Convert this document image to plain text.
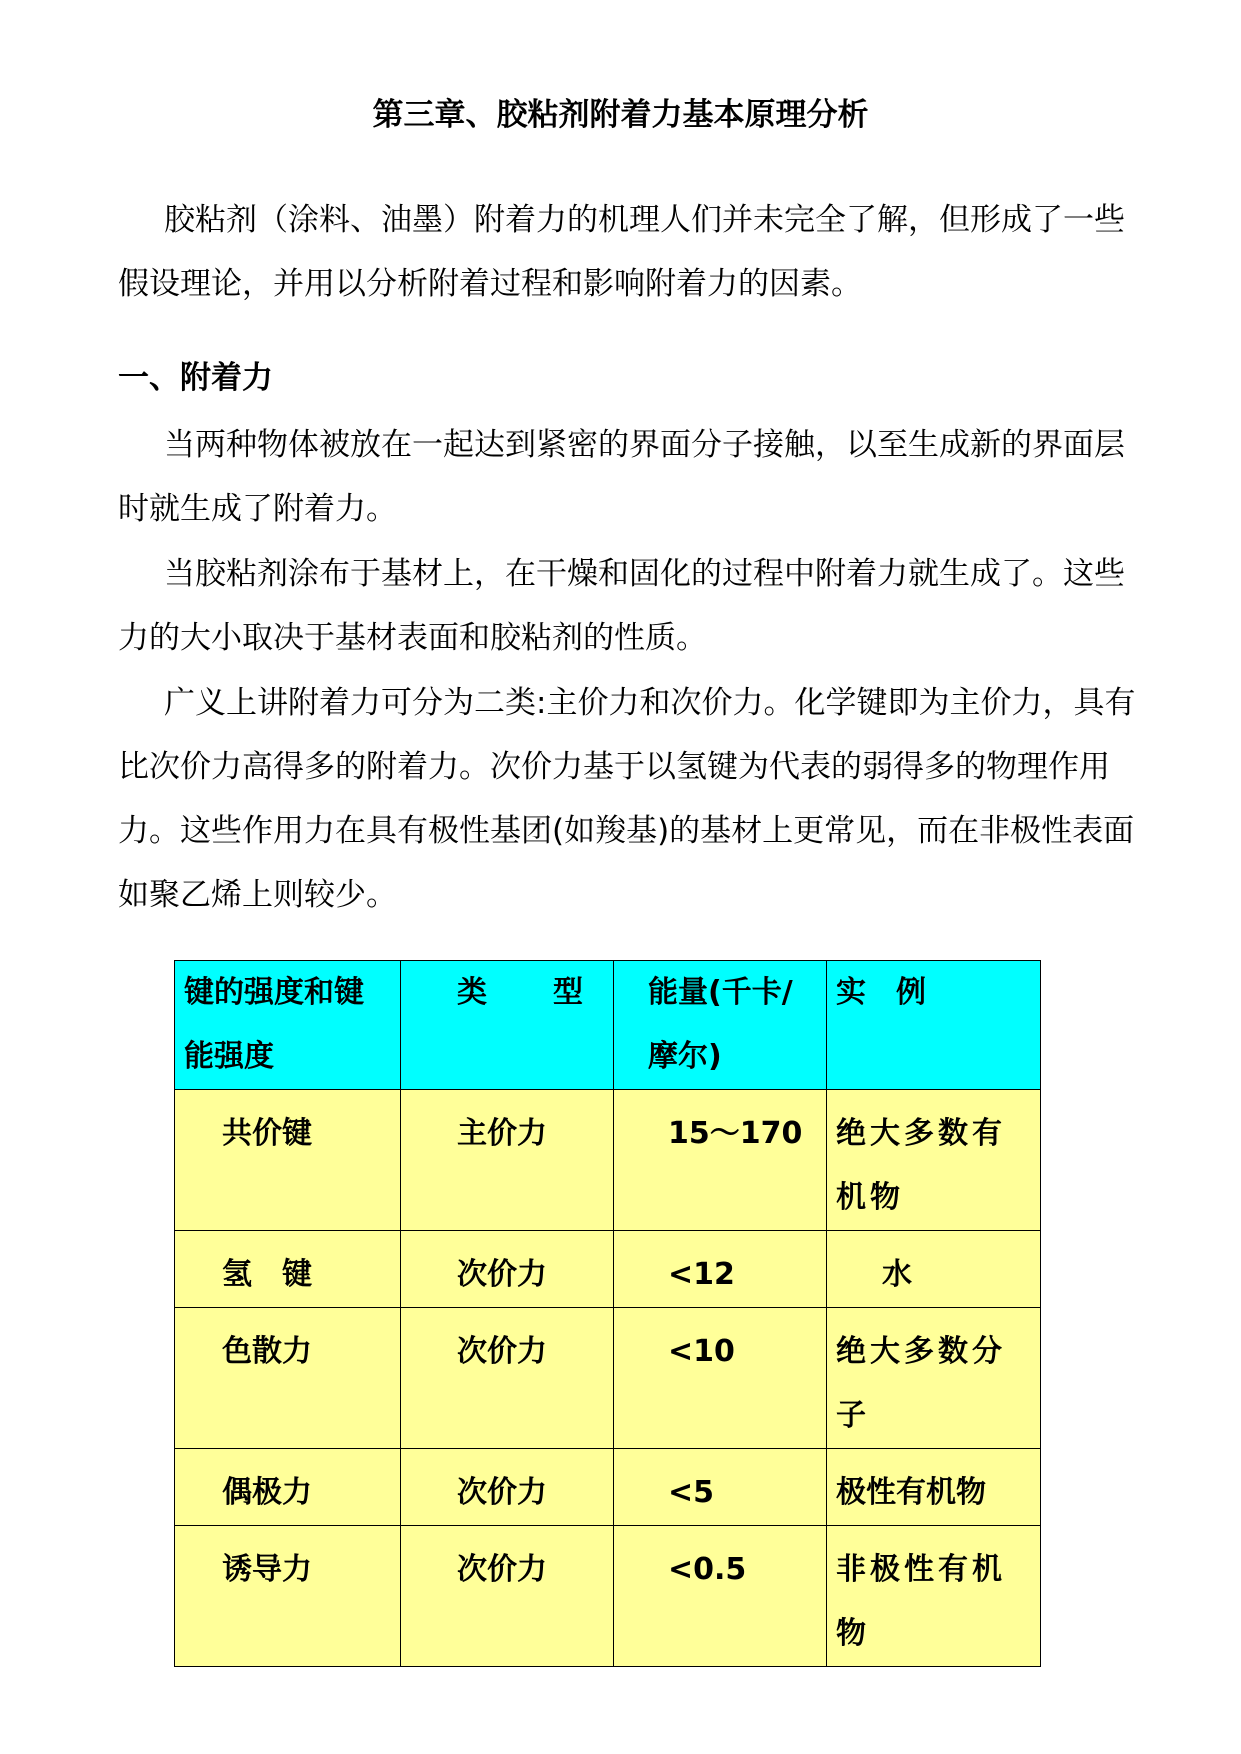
第三章、胶粘剂附着力基本原理分析

胶粘剂（涂料、油墨）附着力的机理人们并未完全了解，但形成了一些假设理论，并用以分析附着过程和影响附着力的因素。

一、附着力

当两种物体被放在一起达到紧密的界面分子接触，以至生成新的界面层时就生成了附着力。

当胶粘剂涂布于基材上，在干燥和固化的过程中附着力就生成了。这些力的大小取决于基材表面和胶粘剂的性质。

广义上讲附着力可分为二类:主价力和次价力。化学键即为主价力，具有比次价力高得多的附着力。次价力基于以氢键为代表的弱得多的物理作用力。这些作用力在具有极性基团(如羧基)的基材上更常见，而在非极性表面如聚乙烯上则较少。

键的强度和键能强度	类　　型	能量(千卡/摩尔)	实　例
共价键	主价力	15～170	绝大多数有机物
氢　键	次价力	<12	水
色散力	次价力	<10	绝大多数分子
偶极力	次价力	<5	极性有机物
诱导力	次价力	<0.5	非极性有机物
